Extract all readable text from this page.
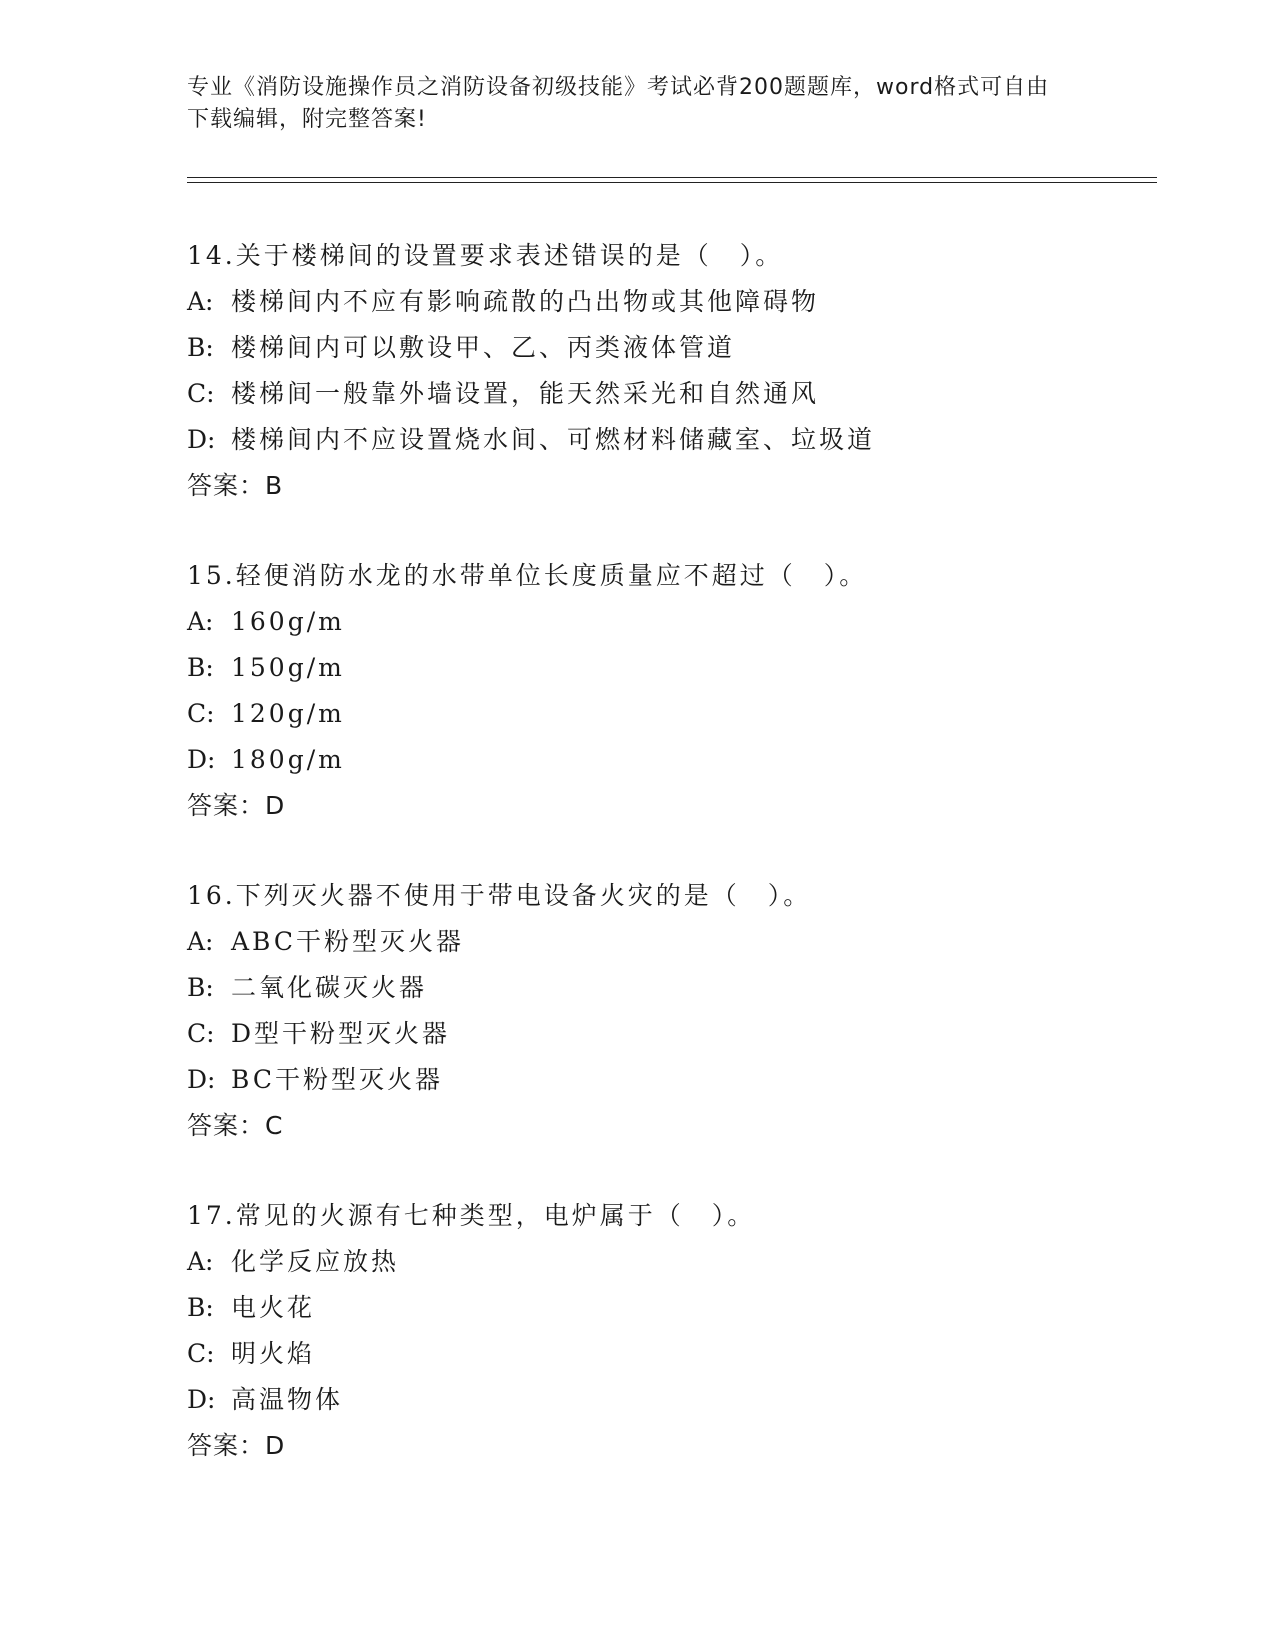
专业《消防设施操作员之消防设备初级技能》考试必背200题题库，word格式可自由下载编辑，附完整答案!
14.关于楼梯间的设置要求表述错误的是（　）。
A: 楼梯间内不应有影响疏散的凸出物或其他障碍物
B: 楼梯间内可以敷设甲、乙、丙类液体管道
C: 楼梯间一般靠外墙设置，能天然采光和自然通风
D: 楼梯间内不应设置烧水间、可燃材料储藏室、垃圾道
答案：B
15.轻便消防水龙的水带单位长度质量应不超过（　）。
A: 160g/m
B: 150g/m
C: 120g/m
D: 180g/m
答案：D
16.下列灭火器不使用于带电设备火灾的是（　）。
A: ABC干粉型灭火器
B: 二氧化碳灭火器
C: D型干粉型灭火器
D: BC干粉型灭火器
答案：C
17.常见的火源有七种类型，电炉属于（　）。
A: 化学反应放热
B: 电火花
C: 明火焰
D: 高温物体
答案：D
